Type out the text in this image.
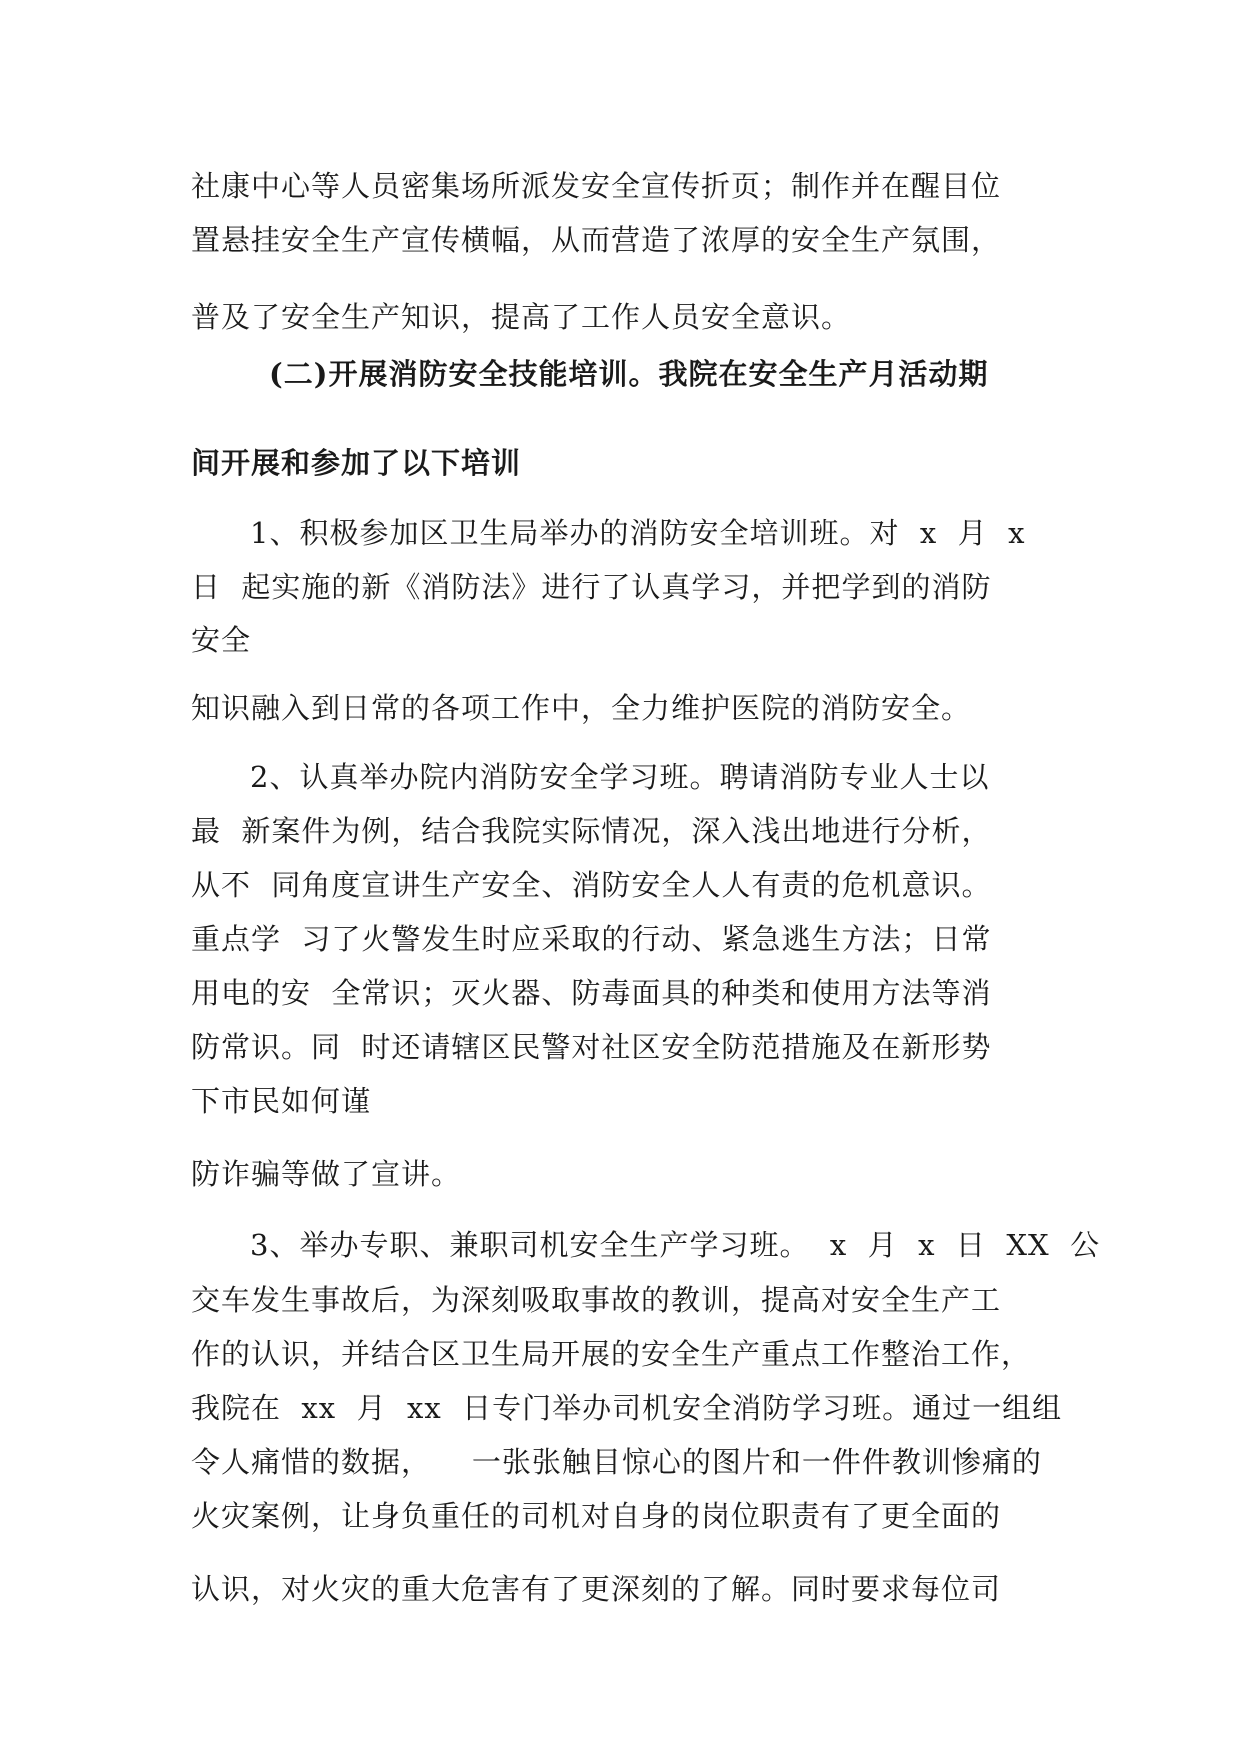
社康中心等人员密集场所派发安全宣传折页；制作并在醒目位
置悬挂安全生产宣传横幅，从而营造了浓厚的安全生产氛围，
普及了安全生产知识，提高了工作人员安全意识。
(二)开展消防安全技能培训。我院在安全生产月活动期
间开展和参加了以下培训
1、积极参加区卫生局举办的消防安全培训班。对  x  月  x
日  起实施的新《消防法》进行了认真学习，并把学到的消防
安全
知识融入到日常的各项工作中，全力维护医院的消防安全。
2、认真举办院内消防安全学习班。聘请消防专业人士以
最  新案件为例，结合我院实际情况，深入浅出地进行分析，
从不  同角度宣讲生产安全、消防安全人人有责的危机意识。
重点学  习了火警发生时应采取的行动、紧急逃生方法；日常
用电的安  全常识；灭火器、防毒面具的种类和使用方法等消
防常识。同  时还请辖区民警对社区安全防范措施及在新形势
下市民如何谨
防诈骗等做了宣讲。
3、举办专职、兼职司机安全生产学习班。  x  月  x  日  XX  公
交车发生事故后，为深刻吸取事故的教训，提高对安全生产工
作的认识，并结合区卫生局开展的安全生产重点工作整治工作，
我院在  xx  月  xx  日专门举办司机安全消防学习班。通过一组组
令人痛惜的数据，    一张张触目惊心的图片和一件件教训惨痛的
火灾案例，让身负重任的司机对自身的岗位职责有了更全面的
认识，对火灾的重大危害有了更深刻的了解。同时要求每位司
